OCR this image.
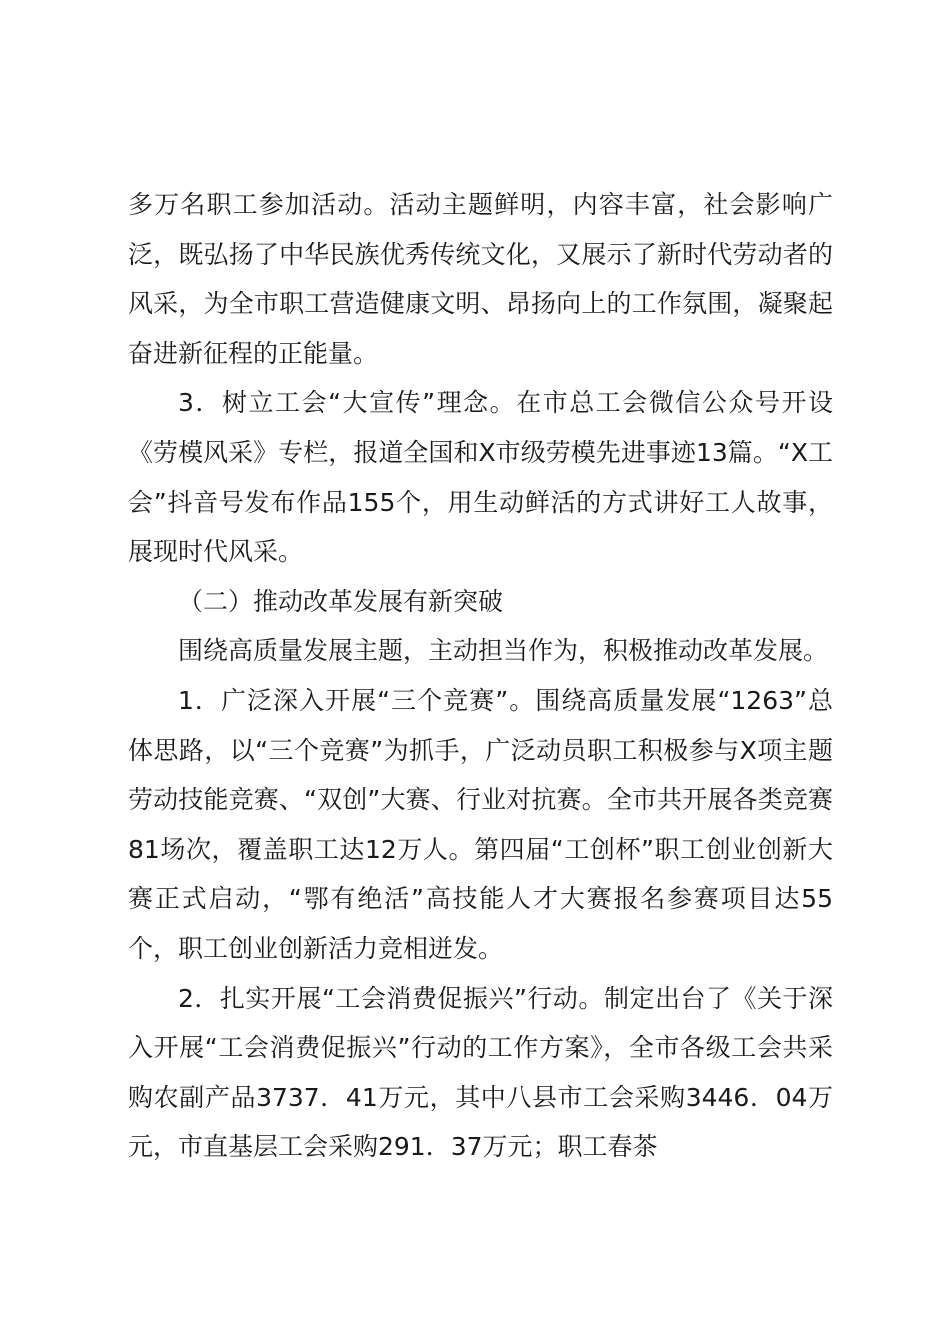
多万名职工参加活动。活动主题鲜明，内容丰富，社会影响广泛，既弘扬了中华民族优秀传统文化，又展示了新时代劳动者的风采，为全市职工营造健康文明、昂扬向上的工作氛围，凝聚起奋进新征程的正能量。

3．树立工会“大宣传”理念。在市总工会微信公众号开设《劳模风采》专栏，报道全国和X市级劳模先进事迹13篇。“X工会”抖音号发布作品155个，用生动鲜活的方式讲好工人故事，展现时代风采。

（二）推动改革发展有新突破

围绕高质量发展主题，主动担当作为，积极推动改革发展。

1．广泛深入开展“三个竞赛”。围绕高质量发展“1263”总体思路，以“三个竞赛”为抓手，广泛动员职工积极参与X项主题劳动技能竞赛、“双创”大赛、行业对抗赛。全市共开展各类竞赛81场次，覆盖职工达12万人。第四届“工创杯”职工创业创新大赛正式启动，“鄂有绝活”高技能人才大赛报名参赛项目达55个，职工创业创新活力竞相迸发。

2．扎实开展“工会消费促振兴”行动。制定出台了《关于深入开展“工会消费促振兴”行动的工作方案》，全市各级工会共采购农副产品3737．41万元，其中八县市工会采购3446．04万元，市直基层工会采购291．37万元；职工春茶
